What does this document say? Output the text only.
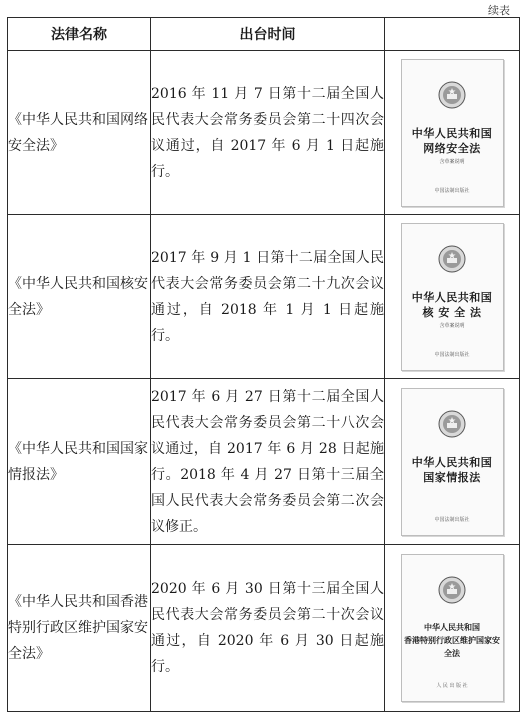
续表
法律名称	出台时间	
《中华人民共和国网络安全法》	2016 年 11 月 7 日第十二届全国人民代表大会常务委员会第二十四次会议通过，自 2017 年 6 月 1 日起施行。	中华人民共和国
网络安全法
含草案说明
中国法制出版社

《中华人民共和国核安全法》	2017 年 9 月 1 日第十二届全国人民代表大会常务委员会第二十九次会议通过，自 2018 年 1 月 1 日起施行。	中华人民共和国
核 安 全 法
含草案说明
中国法制出版社

《中华人民共和国国家情报法》	2017 年 6 月 27 日第十二届全国人民代表大会常务委员会第二十八次会议通过，自 2017 年 6 月 28 日起施行。2018 年 4 月 27 日第十三届全国人民代表大会常务委员会第二次会议修正。	中华人民共和国
国家情报法
中国法制出版社

《中华人民共和国香港特别行政区维护国家安全法》	2020 年 6 月 30 日第十三届全国人民代表大会常务委员会第二十次会议通过，自 2020 年 6 月 30 日起施行。	中华人民共和国
香港特别行政区维护国家安全法
人 民 出 版 社
